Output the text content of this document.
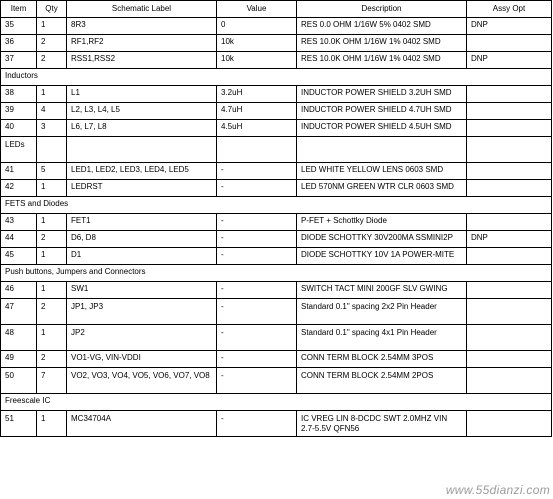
Item	Qty	Schematic Label	Value	Description	Assy Opt
35	1	8R3	0	RES 0.0 OHM 1/16W 5% 0402 SMD	DNP
36	2	RF1,RF2	10k	RES 10.0K OHM 1/16W 1% 0402 SMD	
37	2	RSS1,RSS2	10k	RES 10.0K OHM 1/16W 1% 0402 SMD	DNP
Inductors					
38	1	L1	3.2uH	INDUCTOR POWER SHIELD 3.2UH SMD	
39	4	L2, L3, L4, L5	4.7uH	INDUCTOR POWER SHIELD 4.7UH SMD	
40	3	L6, L7, L8	4.5uH	INDUCTOR POWER SHIELD 4.5UH SMD	
LEDs					
41	5	LED1, LED2, LED3, LED4, LED5	-	LED WHITE YELLOW LENS 0603 SMD	
42	1	LEDRST	-	LED 570NM GREEN WTR CLR 0603 SMD	
FETS and Diodes					
43	1	FET1	-	P-FET + Schottky Diode	
44	2	D6, D8	-	DIODE SCHOTTKY 30V200MA SSMINI2P	DNP
45	1	D1	-	DIODE SCHOTTKY 10V 1A POWER-MITE	
Push buttons, Jumpers and Connectors					
46	1	SW1	-	SWITCH TACT MINI 200GF SLV GWING	
47	2	JP1, JP3	-	Standard 0.1" spacing 2x2 Pin Header	
48	1	JP2	-	Standard 0.1" spacing 4x1 Pin Header	
49	2	VO1-VG, VIN-VDDI	-	CONN TERM BLOCK 2.54MM 3POS	
50	7	VO2, VO3, VO4, VO5, VO6, VO7, VO8	-	CONN TERM BLOCK 2.54MM 2POS	
Freescale IC					
51	1	MC34704A	-	IC VREG LIN 8-DCDC SWT 2.0MHZ VIN 2.7-5.5V QFN56	
www.55dianzi.com
